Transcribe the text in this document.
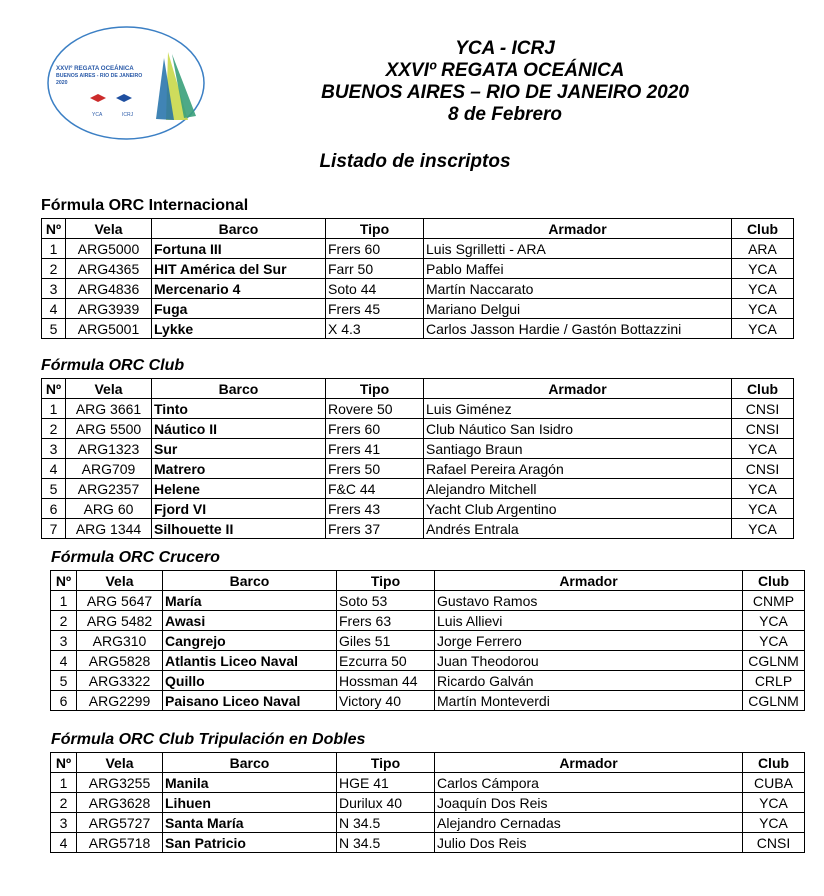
XXVIº REGATA OCEÁNICA
BUENOS AIRES - RIO DE JANEIRO
2020
YCA	ICRJ
YCA - ICRJ
XXVIº REGATA OCEÁNICA
BUENOS AIRES – RIO DE JANEIRO 2020
8 de Febrero
Listado de inscriptos
Fórmula ORC Internacional
Nº	Vela	Barco	Tipo	Armador	Club
1	ARG5000	Fortuna III	Frers 60	Luis Sgrilletti - ARA	ARA
2	ARG4365	HIT América del Sur	Farr 50	Pablo Maffei	YCA
3	ARG4836	Mercenario 4	Soto 44	Martín Naccarato	YCA
4	ARG3939	Fuga	Frers 45	Mariano Delgui	YCA
5	ARG5001	Lykke	X 4.3	Carlos Jasson Hardie / Gastón Bottazzini	YCA
Fórmula ORC Club
Nº	Vela	Barco	Tipo	Armador	Club
1	ARG 3661	Tinto	Rovere 50	Luis Giménez	CNSI
2	ARG 5500	Náutico II	Frers 60	Club Náutico San Isidro	CNSI
3	ARG1323	Sur	Frers 41	Santiago Braun	YCA
4	ARG709	Matrero	Frers 50	Rafael Pereira Aragón	CNSI
5	ARG2357	Helene	F&C 44	Alejandro Mitchell	YCA
6	ARG 60	Fjord VI	Frers 43	Yacht Club Argentino	YCA
7	ARG 1344	Silhouette II	Frers 37	Andrés Entrala	YCA
Fórmula ORC Crucero
Nº	Vela	Barco	Tipo	Armador	Club
1	ARG 5647	María	Soto 53	Gustavo Ramos	CNMP
2	ARG 5482	Awasi	Frers 63	Luis Allievi	YCA
3	ARG310	Cangrejo	Giles 51	Jorge Ferrero	YCA
4	ARG5828	Atlantis Liceo Naval	Ezcurra 50	Juan Theodorou	CGLNM
5	ARG3322	Quillo	Hossman 44	Ricardo Galván	CRLP
6	ARG2299	Paisano Liceo Naval	Victory 40	Martín Monteverdi	CGLNM
Fórmula ORC Club Tripulación en Dobles
Nº	Vela	Barco	Tipo	Armador	Club
1	ARG3255	Manila	HGE 41	Carlos Cámpora	CUBA
2	ARG3628	Lihuen	Durilux 40	Joaquín Dos Reis	YCA
3	ARG5727	Santa María	N 34.5	Alejandro Cernadas	YCA
4	ARG5718	San Patricio	N 34.5	Julio Dos Reis	CNSI
